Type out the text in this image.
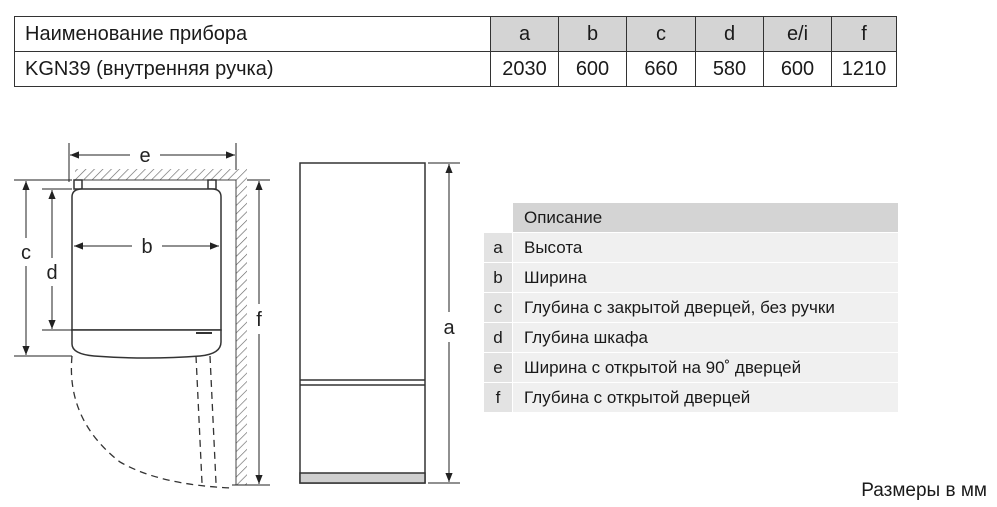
Наименование прибора	a	b	c	d	e/i	f
KGN39 (внутренняя ручка)	2030	600	660	580	600	1210
e
b
c
d
f	a
Описание
a	Высота
b	Ширина
c	Глубина с закрытой дверцей, без ручки
d	Глубина шкафа
e	Ширина с открытой на 90˚ дверцей
f	Глубина с открытой дверцей
Размеры в мм
